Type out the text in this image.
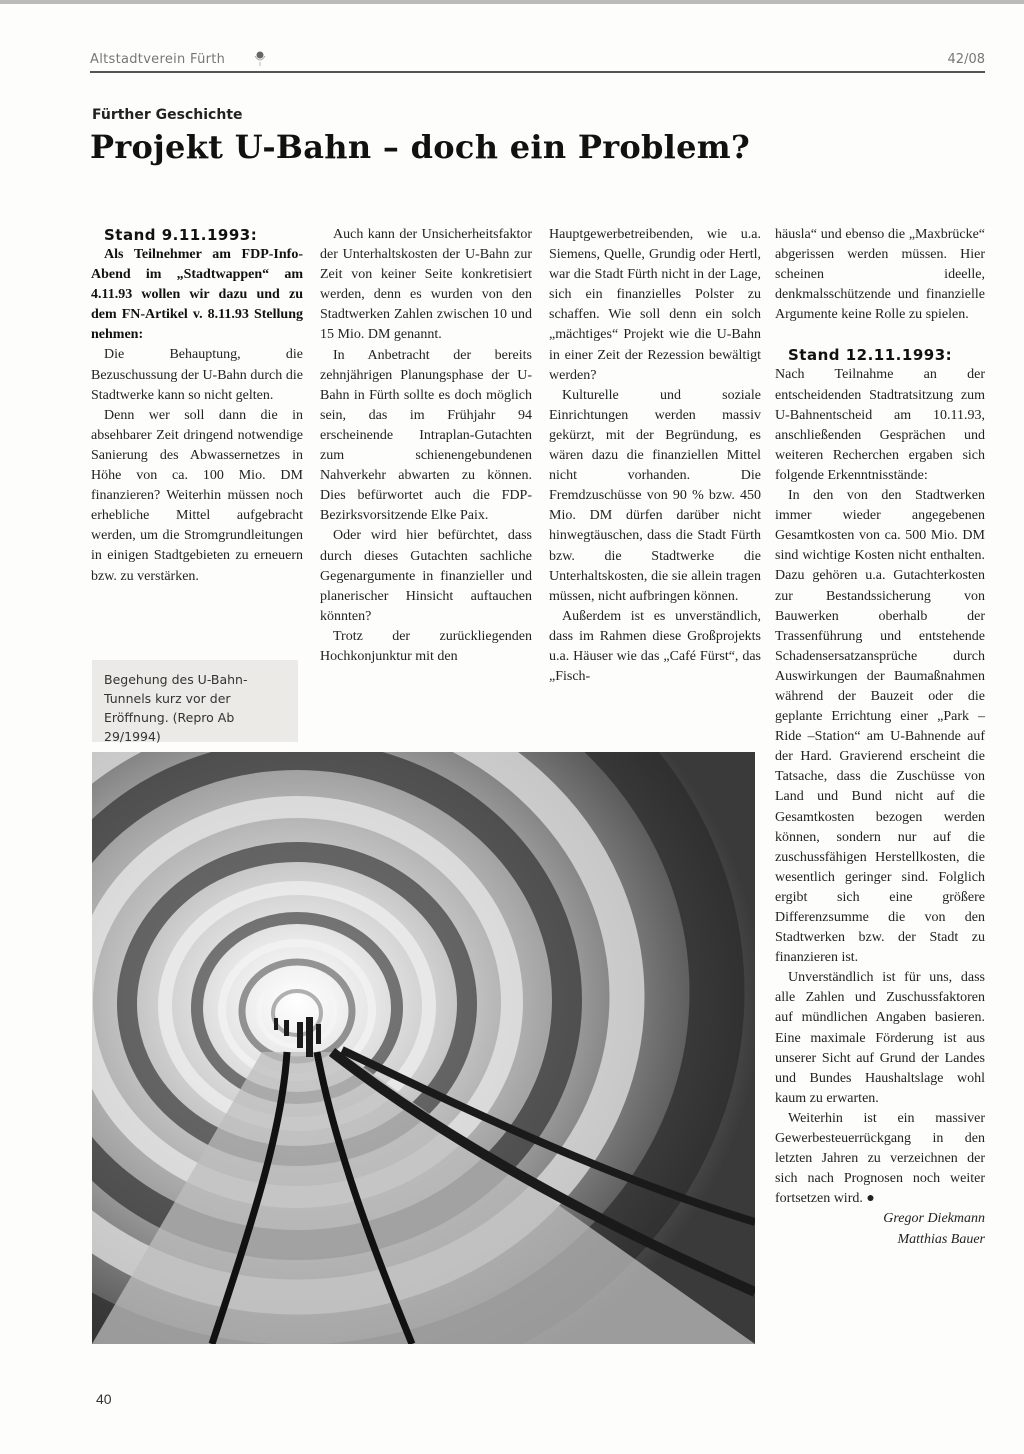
Altstadtverein Fürth	42/08
Fürther Geschichte
Projekt U-Bahn – doch ein Problem?

Stand 9.11.1993:

Als Teilnehmer am FDP-Info-Abend im „Stadtwappen“ am 4.11.93 wollen wir dazu und zu dem FN-Artikel v. 8.11.93 Stellung nehmen:

Die Behauptung, die Bezuschussung der U-Bahn durch die Stadtwerke kann so nicht gelten.

Denn wer soll dann die in absehbarer Zeit dringend notwendige Sanierung des Abwassernetzes in Höhe von ca. 100 Mio. DM finanzieren? Weiterhin müssen noch erhebliche Mittel aufgebracht werden, um die Stromgrundleitungen in einigen Stadtgebieten zu erneuern bzw. zu verstärken.

Begehung des U-Bahn-Tunnels kurz vor der Eröffnung. (Repro Ab 29/1994)

Auch kann der Unsicherheitsfaktor der Unterhaltskosten der U-Bahn zur Zeit von keiner Seite konkretisiert werden, denn es wurden von den Stadtwerken Zahlen zwischen 10 und 15 Mio. DM genannt.

In Anbetracht der bereits zehnjährigen Planungsphase der U-Bahn in Fürth sollte es doch möglich sein, das im Frühjahr 94 erscheinende Intraplan-Gutachten zum schienengebundenen Nahverkehr abwarten zu können. Dies befürwortet auch die FDP-Bezirksvorsitzende Elke Paix.

Oder wird hier befürchtet, dass durch dieses Gutachten sachliche Gegenargumente in finanzieller und planerischer Hinsicht auftauchen könnten?

Trotz der zurückliegenden Hochkonjunktur mit den

Hauptgewerbetreibenden, wie u.a. Siemens, Quelle, Grundig oder Hertl, war die Stadt Fürth nicht in der Lage, sich ein finanzielles Polster zu schaffen. Wie soll denn ein solch „mächtiges“ Projekt wie die U-Bahn in einer Zeit der Rezession bewältigt werden?

Kulturelle und soziale Einrichtungen werden massiv gekürzt, mit der Begründung, es wären dazu die finanziellen Mittel nicht vorhanden. Die Fremdzuschüsse von 90 % bzw. 450 Mio. DM dürfen darüber nicht hinwegtäuschen, dass die Stadt Fürth bzw. die Stadtwerke die Unterhaltskosten, die sie allein tragen müssen, nicht aufbringen können.

Außerdem ist es unverständlich, dass im Rahmen diese Großprojekts u.a. Häuser wie das „Café Fürst“, das „Fisch-

häusla“ und ebenso die „Maxbrücke“ abgerissen werden müssen. Hier scheinen ideelle, denkmalsschützende und finanzielle Argumente keine Rolle zu spielen.

Stand 12.11.1993:

Nach Teilnahme an der entscheidenden Stadtratsitzung zum U-Bahnentscheid am 10.11.93, anschließenden Gesprächen und weiteren Recherchen ergaben sich folgende Erkenntnisstände:

In den von den Stadtwerken immer wieder angegebenen Gesamtkosten von ca. 500 Mio. DM sind wichtige Kosten nicht enthalten. Dazu gehören u.a. Gutachterkosten zur Bestandssicherung von Bauwerken oberhalb der Trassenführung und entstehende Schadensersatzansprüche durch Auswirkungen der Baumaßnahmen während der Bauzeit oder die geplante Errichtung einer „Park – Ride –Station“ am U-Bahnende auf der Hard. Gravierend erscheint die Tatsache, dass die Zuschüsse von Land und Bund nicht auf die Gesamtkosten bezogen werden können, sondern nur auf die zuschussfähigen Herstellkosten, die wesentlich geringer sind. Folglich ergibt sich eine größere Differenzsumme die von den Stadtwerken bzw. der Stadt zu finanzieren ist.

Unverständlich ist für uns, dass alle Zahlen und Zuschussfaktoren auf mündlichen Angaben basieren. Eine maximale Förderung ist aus unserer Sicht auf Grund der Landes und Bundes Haushaltslage wohl kaum zu erwarten.

Weiterhin ist ein massiver Gewerbesteuerrückgang in den letzten Jahren zu verzeichnen der sich nach Prognosen noch weiter fortsetzen wird. ●

Gregor Diekmann

Matthias Bauer

40
